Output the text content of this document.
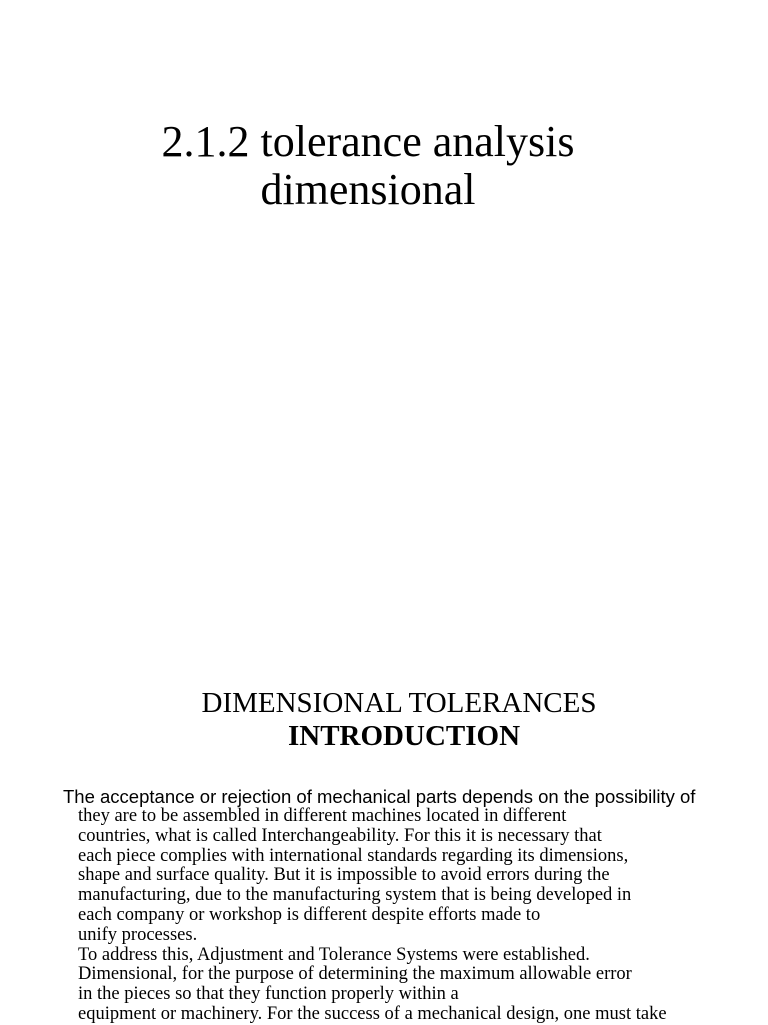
2.1.2 tolerance analysis
dimensional
DIMENSIONAL TOLERANCES
INTRODUCTION
The acceptance or rejection of mechanical parts depends on the possibility of
they are to be assembled in different machines located in different
countries, what is called Interchangeability. For this it is necessary that
each piece complies with international standards regarding its dimensions,
shape and surface quality. But it is impossible to avoid errors during the
manufacturing, due to the manufacturing system that is being developed in
each company or workshop is different despite efforts made to
unify processes.
To address this, Adjustment and Tolerance Systems were established.
Dimensional, for the purpose of determining the maximum allowable error
in the pieces so that they function properly within a
equipment or machinery. For the success of a mechanical design, one must take
